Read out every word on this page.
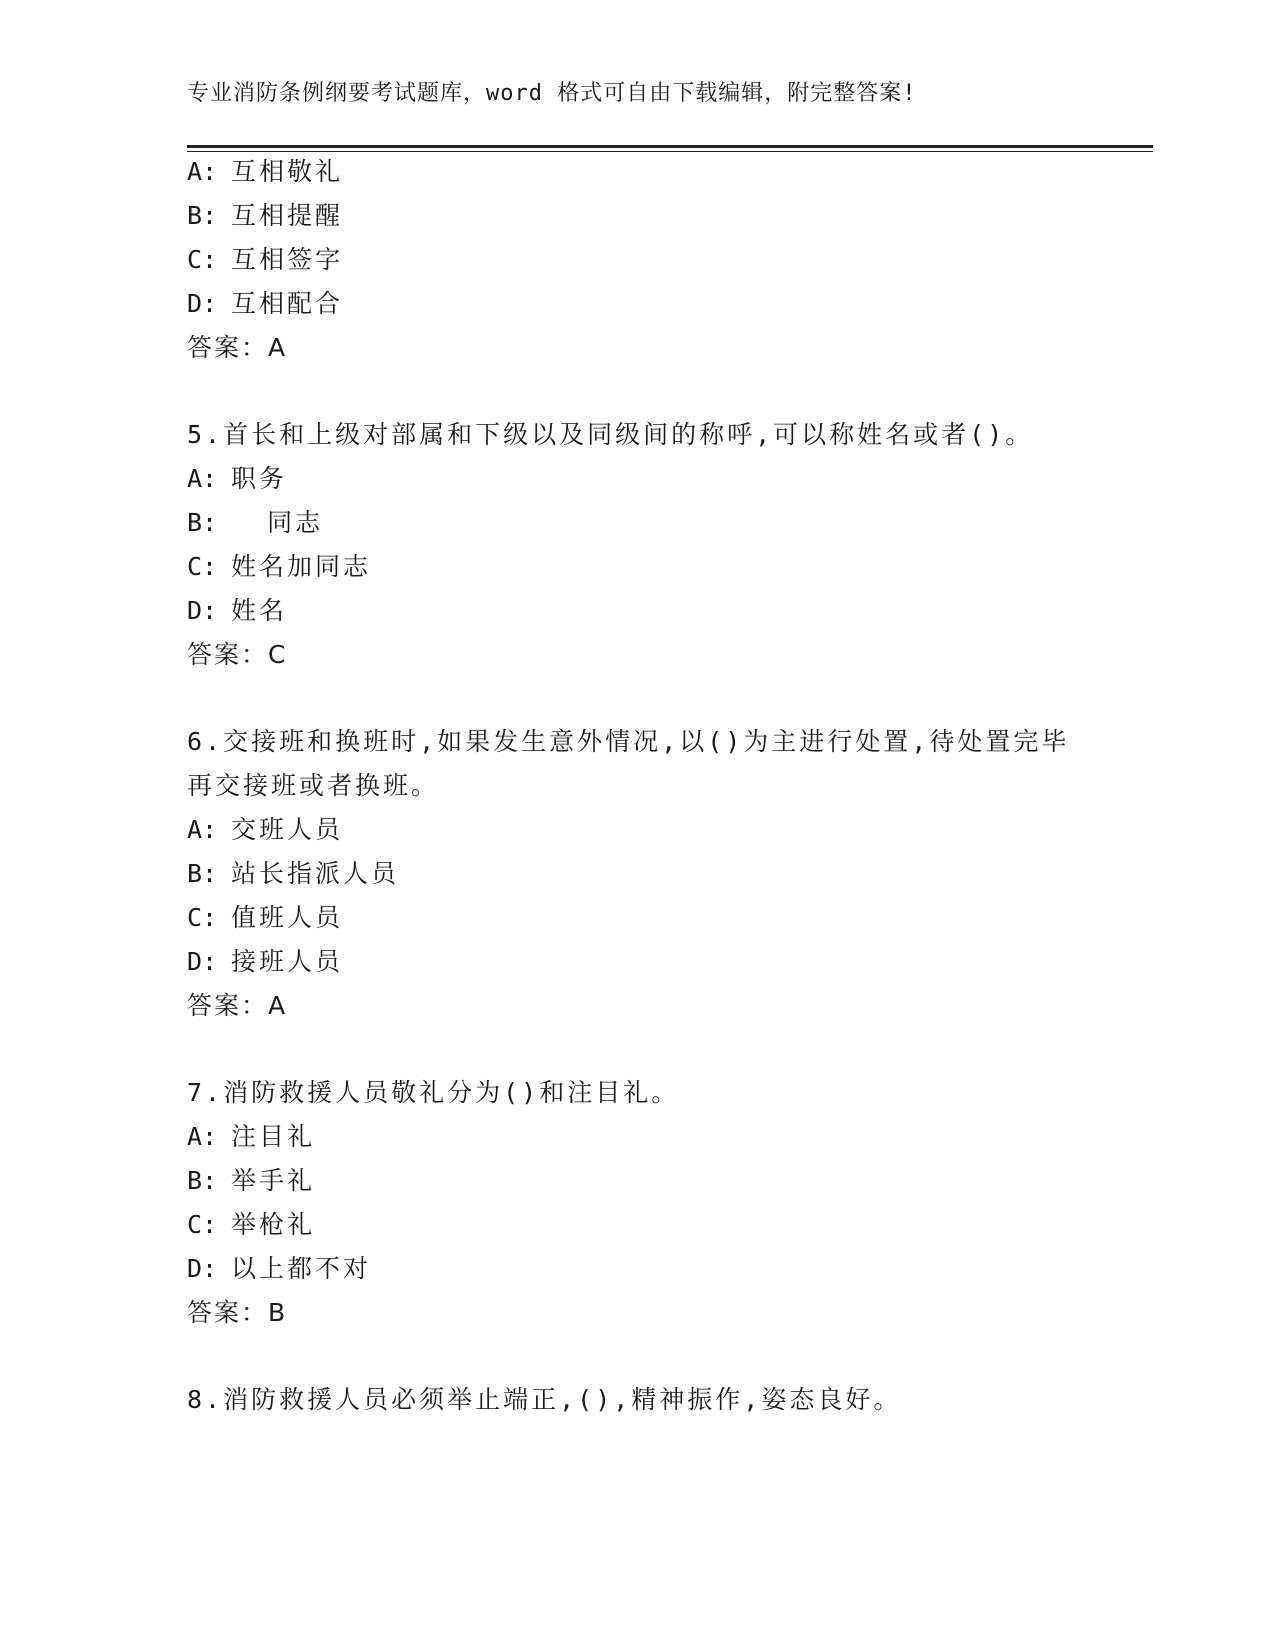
专业消防条例纲要考试题库，word 格式可自由下载编辑，附完整答案!
A: 互相敬礼
B: 互相提醒
C: 互相签字
D: 互相配合
答案：A
5.首长和上级对部属和下级以及同级间的称呼,可以称姓名或者()。
A: 职务
B:  同志
C: 姓名加同志
D: 姓名
答案：C
6.交接班和换班时,如果发生意外情况,以()为主进行处置,待处置完毕
再交接班或者换班。
A: 交班人员
B: 站长指派人员
C: 值班人员
D: 接班人员
答案：A
7.消防救援人员敬礼分为()和注目礼。
A: 注目礼
B: 举手礼
C: 举枪礼
D: 以上都不对
答案：B
8.消防救援人员必须举止端正,(),精神振作,姿态良好。
